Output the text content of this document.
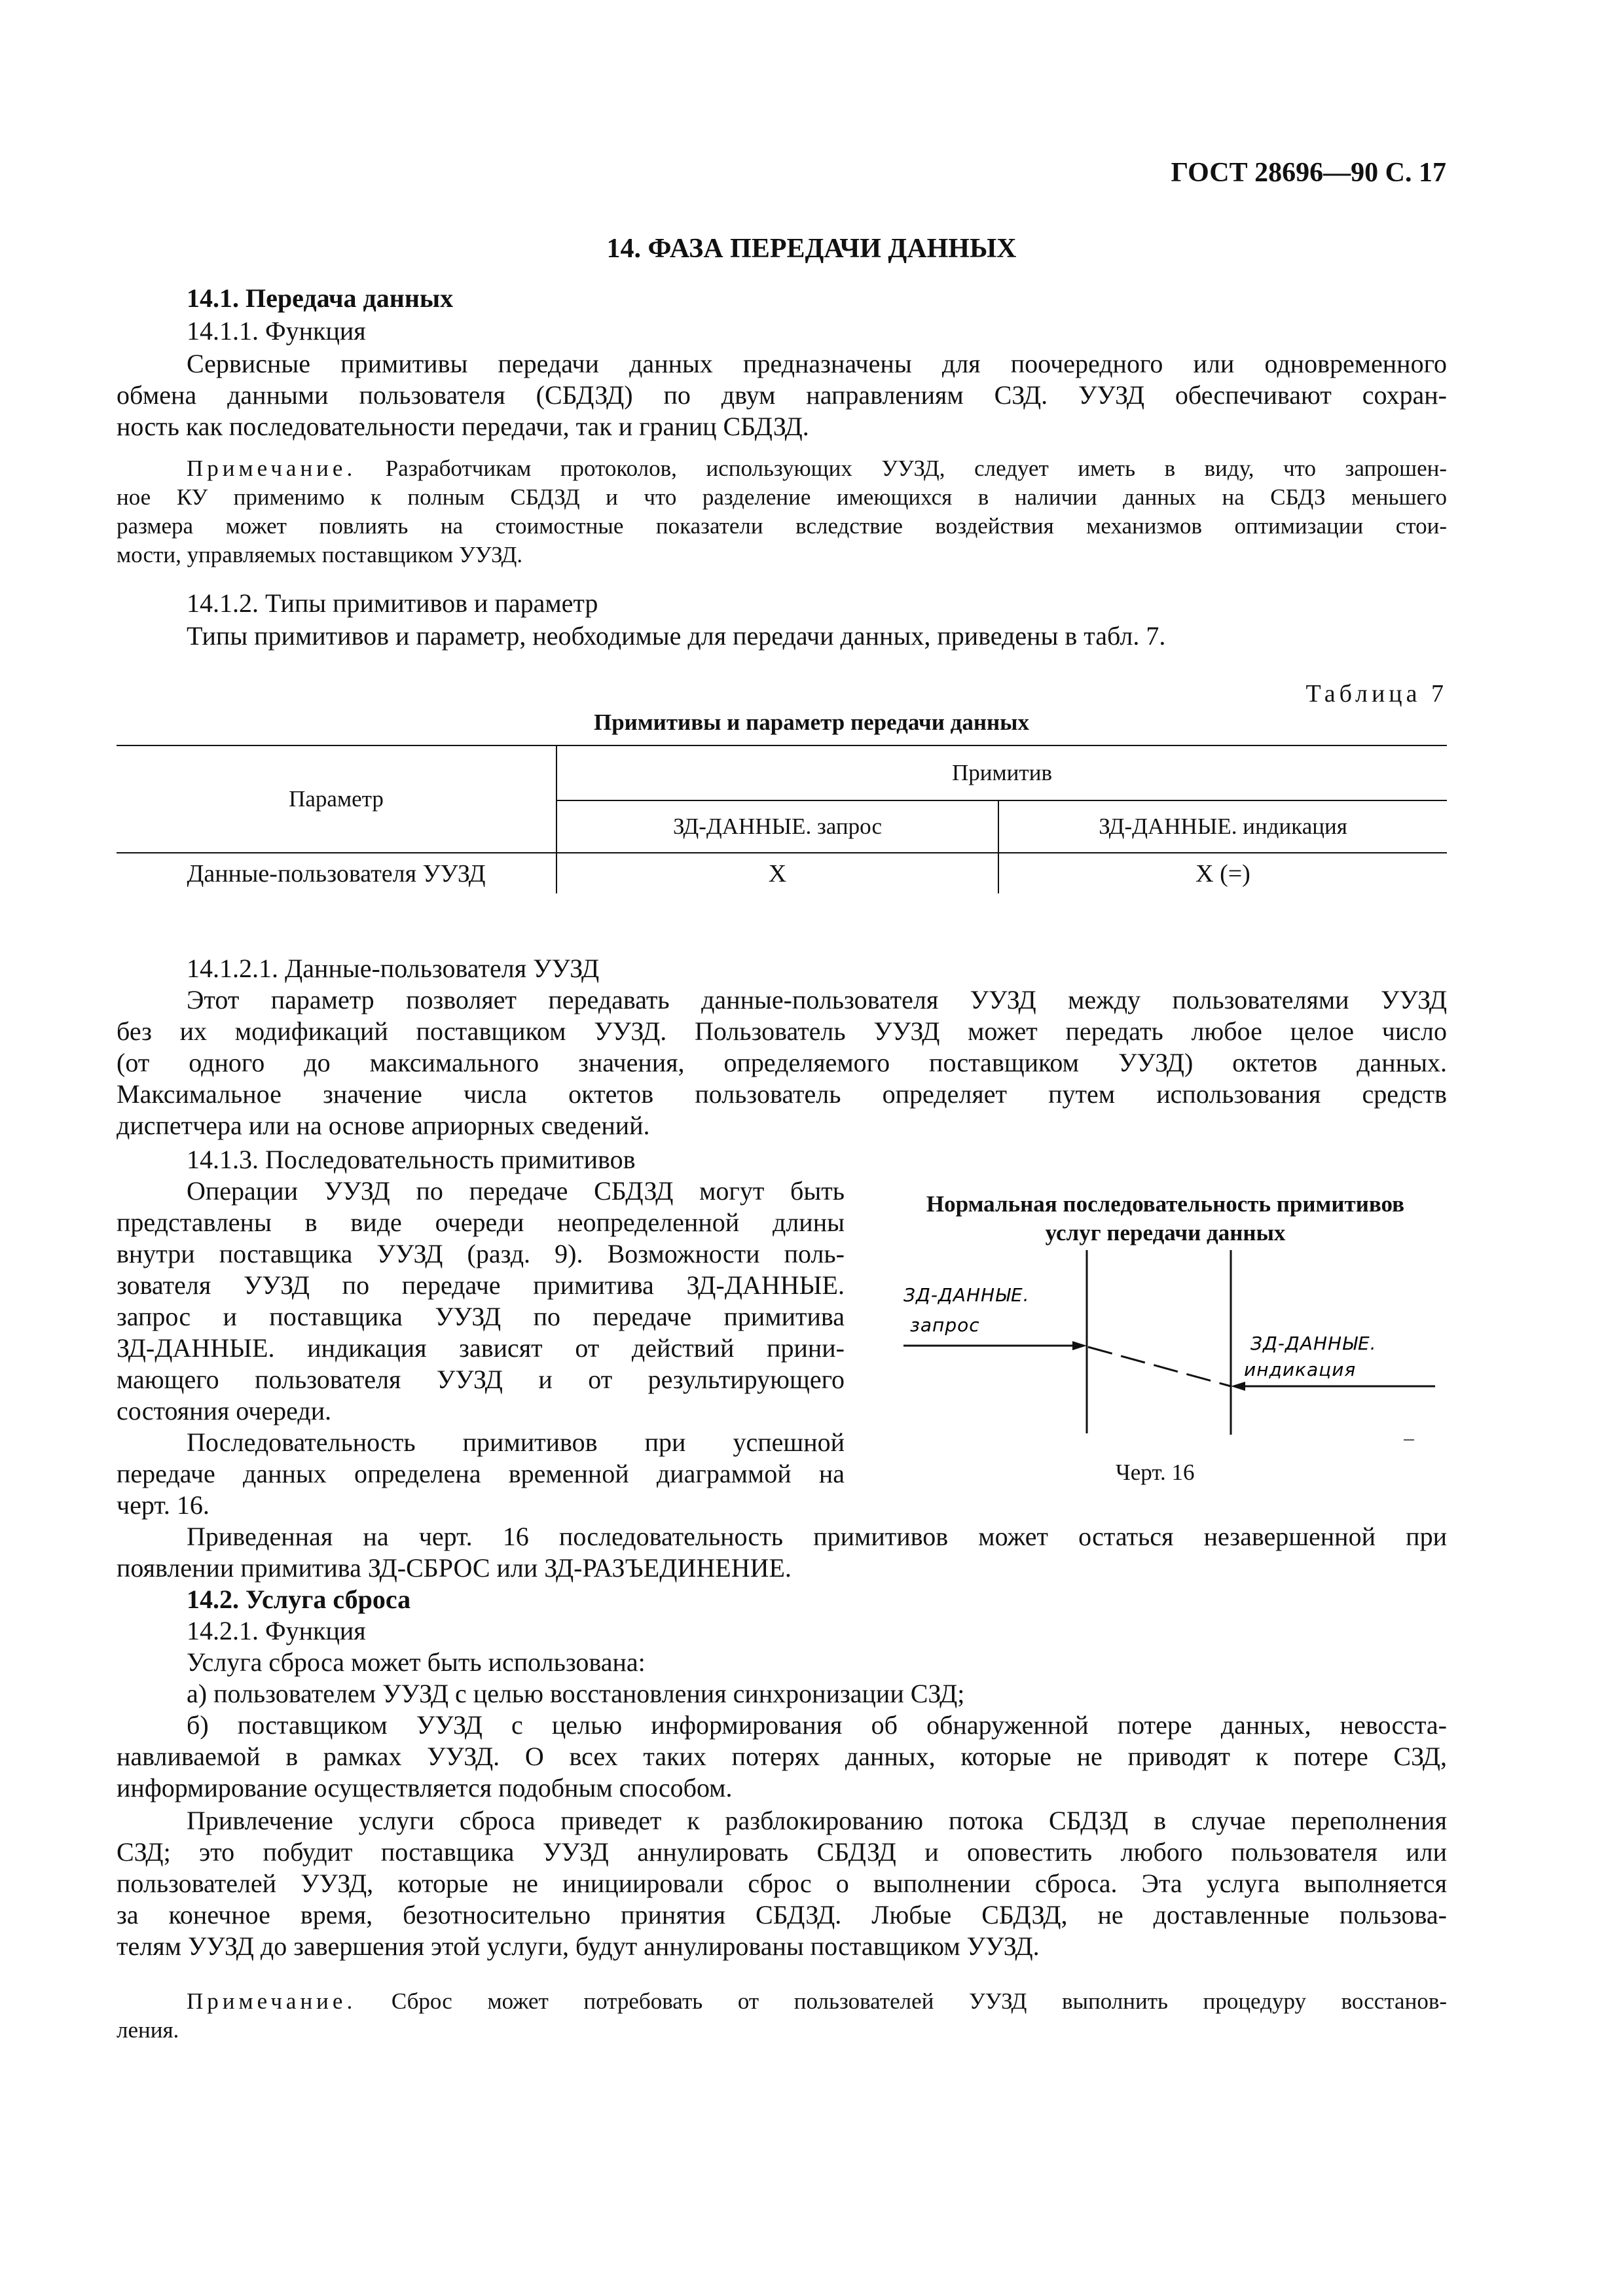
ГОСТ 28696—90 С. 17
14. ФАЗА ПЕРЕДАЧИ ДАННЫХ
14.1. Передача данных
14.1.1. Функция
Сервисные примитивы передачи данных предназначены для поочередного или одновременного
обмена данными пользователя (СБДЗД) по двум направлениям СЗД. УУЗД обеспечивают сохран-
ность как последовательности передачи, так и границ СБДЗД.
Примечание. Разработчикам протоколов, использующих УУЗД, следует иметь в виду, что запрошен-
ное КУ применимо к полным СБДЗД и что разделение имеющихся в наличии данных на СБДЗ меньшего
размера может повлиять на стоимостные показатели вследствие воздействия механизмов оптимизации стои-
мости, управляемых поставщиком УУЗД.
14.1.2. Типы примитивов и параметр
Типы примитивов и параметр, необходимые для передачи данных, приведены в табл. 7.
Таблица 7
Примитивы и параметр передачи данных
Параметр	Примитив	
	ЗД-ДАННЫЕ. запрос	ЗД-ДАННЫЕ. индикация
Данные-пользователя УУЗД	X	X (=)
14.1.2.1. Данные-пользователя УУЗД
Этот параметр позволяет передавать данные-пользователя УУЗД между пользователями УУЗД
без их модификаций поставщиком УУЗД. Пользователь УУЗД может передать любое целое число
(от одного до максимального значения, определяемого поставщиком УУЗД) октетов данных.
Максимальное значение числа октетов пользователь определяет путем использования средств
диспетчера или на основе априорных сведений.
14.1.3. Последовательность примитивов
Операции УУЗД по передаче СБДЗД могут быть
представлены в виде очереди неопределенной длины
внутри поставщика УУЗД (разд. 9). Возможности поль-
зователя УУЗД по передаче примитива ЗД-ДАННЫЕ.
запрос и поставщика УУЗД по передаче примитива
ЗД-ДАННЫЕ. индикация зависят от действий прини-
мающего пользователя УУЗД и от результирующего
состояния очереди.
Последовательность примитивов при успешной
передаче данных определена временной диаграммой на
черт. 16.
Нормальная последовательность примитивов
услуг передачи данных
ЗД-ДАННЫЕ.
запрос
ЗД-ДАННЫЕ.
индикация
Черт. 16
Приведенная на черт. 16 последовательность примитивов может остаться незавершенной при
появлении примитива ЗД-СБРОС или ЗД-РАЗЪЕДИНЕНИЕ.
14.2. Услуга сброса
14.2.1. Функция
Услуга сброса может быть использована:
а) пользователем УУЗД с целью восстановления синхронизации СЗД;
б) поставщиком УУЗД с целью информирования об обнаруженной потере данных, невосста-
навливаемой в рамках УУЗД. О всех таких потерях данных, которые не приводят к потере СЗД,
информирование осуществляется подобным способом.
Привлечение услуги сброса приведет к разблокированию потока СБДЗД в случае переполнения
СЗД; это побудит поставщика УУЗД аннулировать СБДЗД и оповестить любого пользователя или
пользователей УУЗД, которые не инициировали сброс о выполнении сброса. Эта услуга выполняется
за конечное время, безотносительно принятия СБДЗД. Любые СБДЗД, не доставленные пользова-
телям УУЗД до завершения этой услуги, будут аннулированы поставщиком УУЗД.
Примечание. Сброс может потребовать от пользователей УУЗД выполнить процедуру восстанов-
ления.
